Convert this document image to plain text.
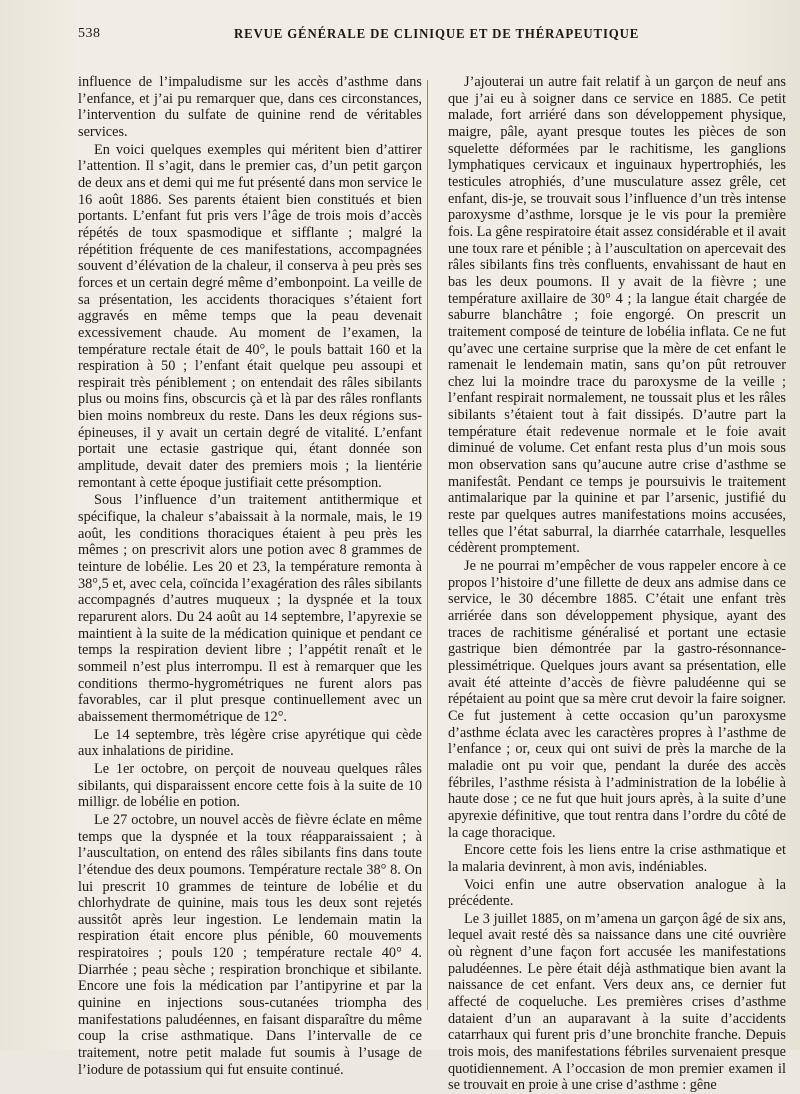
538	REVUE GÉNÉRALE DE CLINIQUE ET DE THÉRAPEUTIQUE

influence de l’impaludisme sur les accès d’asthme dans l’enfance, et j’ai pu remarquer que, dans ces circonstances, l’intervention du sulfate de quinine rend de véritables services.

En voici quelques exemples qui méritent bien d’attirer l’attention. Il s’agit, dans le premier cas, d’un petit garçon de deux ans et demi qui me fut présenté dans mon service le 16 août 1886. Ses parents étaient bien constitués et bien portants. L’enfant fut pris vers l’âge de trois mois d’accès répétés de toux spasmodique et sifflante ; malgré la répétition fréquente de ces manifestations, accompagnées souvent d’élévation de la chaleur, il conserva à peu près ses forces et un certain degré même d’embonpoint. La veille de sa présentation, les accidents thoraciques s’étaient fort aggravés en même temps que la peau devenait excessivement chaude. Au moment de l’examen, la température rectale était de 40°, le pouls battait 160 et la respiration à 50 ; l’enfant était quelque peu assoupi et respirait très péniblement ; on entendait des râles sibilants plus ou moins fins, obscurcis çà et là par des râles ronflants bien moins nombreux du reste. Dans les deux régions sus-épineuses, il y avait un certain degré de vitalité. L’enfant portait une ectasie gastrique qui, étant donnée son amplitude, devait dater des premiers mois ; la lientérie remontant à cette époque justifiait cette présomption.

Sous l’influence d’un traitement antithermique et spécifique, la chaleur s’abaissait à la normale, mais, le 19 août, les conditions thoraciques étaient à peu près les mêmes ; on prescrivit alors une potion avec 8 grammes de teinture de lobélie. Les 20 et 23, la température remonta à 38°,5 et, avec cela, coïncida l’exagération des râles sibilants accompagnés d’autres muqueux ; la dyspnée et la toux reparurent alors. Du 24 août au 14 septembre, l’apyrexie se maintient à la suite de la médication quinique et pendant ce temps la respiration devient libre ; l’appétit renaît et le sommeil n’est plus interrompu. Il est à remarquer que les conditions thermo-hygrométriques ne furent alors pas favorables, car il plut presque continuellement avec un abaissement thermométrique de 12°.

Le 14 septembre, très légère crise apyrétique qui cède aux inhalations de piridine.

Le 1er octobre, on perçoit de nouveau quelques râles sibilants, qui disparaissent encore cette fois à la suite de 10 milligr. de lobélie en potion.

Le 27 octobre, un nouvel accès de fièvre éclate en même temps que la dyspnée et la toux réapparaissaient ; à l’auscultation, on entend des râles sibilants fins dans toute l’étendue des deux poumons. Température rectale 38° 8. On lui prescrit 10 grammes de teinture de lobélie et du chlorhydrate de quinine, mais tous les deux sont rejetés aussitôt après leur ingestion. Le lendemain matin la respiration était encore plus pénible, 60 mouvements respiratoires ; pouls 120 ; température rectale 40° 4. Diarrhée ; peau sèche ; respiration bronchique et sibilante. Encore une fois la médication par l’antipyrine et par la quinine en injections sous-cutanées triompha des manifestations paludéennes, en faisant disparaître du même coup la crise asthmatique. Dans l’intervalle de ce traitement, notre petit malade fut soumis à l’usage de l’iodure de potassium qui fut ensuite continué.

J’ajouterai un autre fait relatif à un garçon de neuf ans que j’ai eu à soigner dans ce service en 1885. Ce petit malade, fort arriéré dans son développement physique, maigre, pâle, ayant presque toutes les pièces de son squelette déformées par le rachitisme, les ganglions lymphatiques cervicaux et inguinaux hypertrophiés, les testicules atrophiés, d’une musculature assez grêle, cet enfant, dis-je, se trouvait sous l’influence d’un très intense paroxysme d’asthme, lorsque je le vis pour la première fois. La gêne respiratoire était assez considérable et il avait une toux rare et pénible ; à l’auscultation on apercevait des râles sibilants fins très confluents, envahissant de haut en bas les deux poumons. Il y avait de la fièvre ; une température axillaire de 30° 4 ; la langue était chargée de saburre blanchâtre ; foie engorgé. On prescrit un traitement composé de teinture de lobélia inflata. Ce ne fut qu’avec une certaine surprise que la mère de cet enfant le ramenait le lendemain matin, sans qu’on pût retrouver chez lui la moindre trace du paroxysme de la veille ; l’enfant respirait normalement, ne toussait plus et les râles sibilants s’étaient tout à fait dissipés. D’autre part la température était redevenue normale et le foie avait diminué de volume. Cet enfant resta plus d’un mois sous mon observation sans qu’aucune autre crise d’asthme se manifestât. Pendant ce temps je poursuivis le traitement antimalarique par la quinine et par l’arsenic, justifié du reste par quelques autres manifestations moins accusées, telles que l’état saburral, la diarrhée catarrhale, lesquelles cédèrent promptement.

Je ne pourrai m’empêcher de vous rappeler encore à ce propos l’histoire d’une fillette de deux ans admise dans ce service, le 30 décembre 1885. C’était une enfant très arriérée dans son développement physique, ayant des traces de rachitisme généralisé et portant une ectasie gastrique bien démontrée par la gastro-résonnance-plessimétrique. Quelques jours avant sa présentation, elle avait été atteinte d’accès de fièvre paludéenne qui se répétaient au point que sa mère crut devoir la faire soigner. Ce fut justement à cette occasion qu’un paroxysme d’asthme éclata avec les caractères propres à l’asthme de l’enfance ; or, ceux qui ont suivi de près la marche de la maladie ont pu voir que, pendant la durée des accès fébriles, l’asthme résista à l’administration de la lobélie à haute dose ; ce ne fut que huit jours après, à la suite d’une apyrexie définitive, que tout rentra dans l’ordre du côté de la cage thoracique.

Encore cette fois les liens entre la crise asthmatique et la malaria devinrent, à mon avis, indéniables.

Voici enfin une autre observation analogue à la précédente.

Le 3 juillet 1885, on m’amena un garçon âgé de six ans, lequel avait resté dès sa naissance dans une cité ouvrière où règnent d’une façon fort accusée les manifestations paludéennes. Le père était déjà asthmatique bien avant la naissance de cet enfant. Vers deux ans, ce dernier fut affecté de coqueluche. Les premières crises d’asthme dataient d’un an auparavant à la suite d’accidents catarrhaux qui furent pris d’une bronchite franche. Depuis trois mois, des manifestations fébriles survenaient presque quotidiennement. A l’occasion de mon premier examen il se trouvait en proie à une crise d’asthme : gêne
